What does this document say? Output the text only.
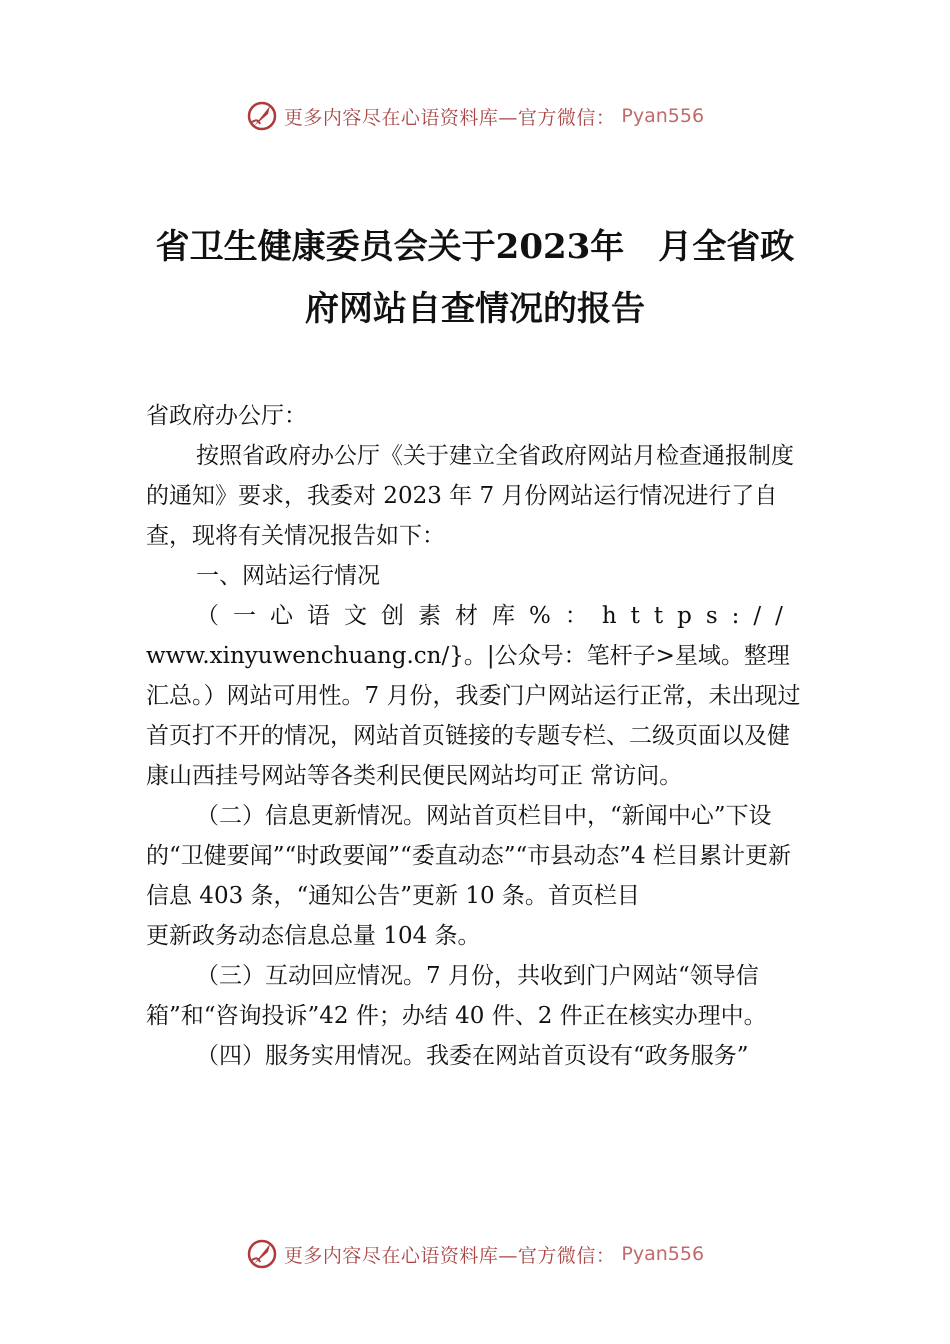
更多内容尽在心语资料库—官方微信： Pyan556
省卫生健康委员会关于2023年　月全省政
府网站自查情况的报告

省政府办公厅：

按照省政府办公厅《关于建立全省政府网站月检查通报制度的通知》要求，我委对 2023 年 7 月份网站运行情况进行了自查，现将有关情况报告如下：

一、网站运行情况

（一心语文创素材库%：https://

www.xinyuwenchuang.cn/}。|公众号：笔杆子>星域。整理汇总。）网站可用性。7 月份，我委门户网站运行正常，未出现过首页打不开的情况，网站首页链接的专题专栏、二级页面以及健康山西挂号网站等各类利民便民网站均可正 常访问。

（二）信息更新情况。网站首页栏目中，“新闻中心”下设的“卫健要闻”“时政要闻”“委直动态”“市县动态”4 栏目累计更新信息 403 条，“通知公告”更新 10 条。首页栏目

更新政务动态信息总量 104 条。

（三）互动回应情况。7 月份，共收到门户网站“领导信箱”和“咨询投诉”42 件；办结 40 件、2 件正在核实办理中。

（四）服务实用情况。我委在网站首页设有“政务服务”

更多内容尽在心语资料库—官方微信： Pyan556
